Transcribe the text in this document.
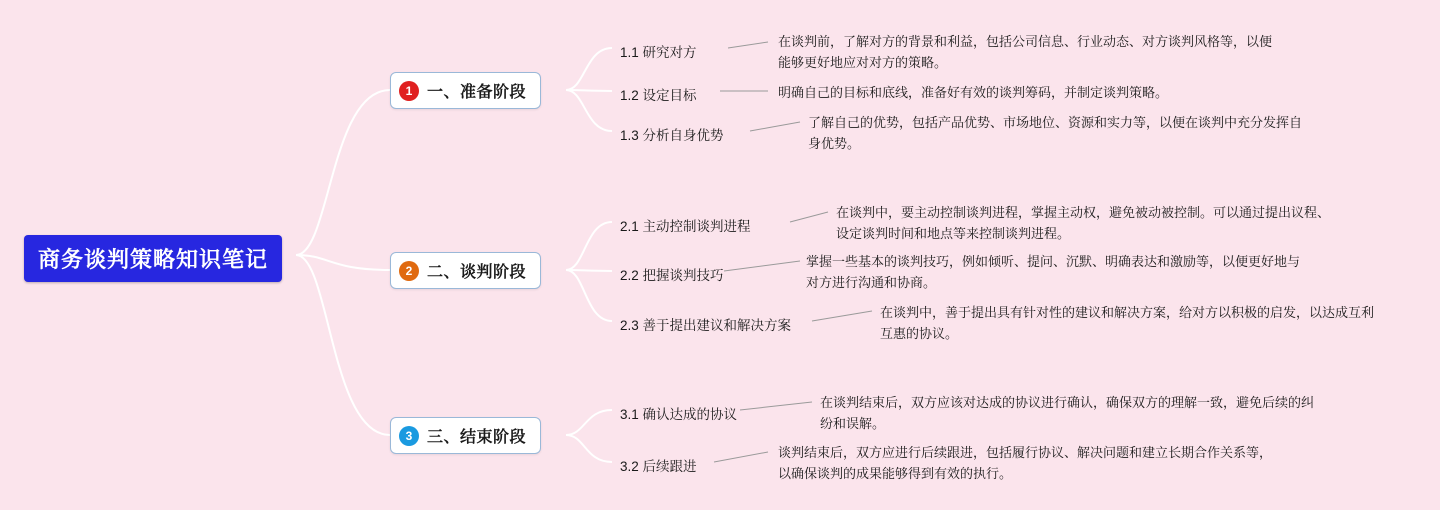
商务谈判策略知识笔记
1 一、准备阶段
1.1 研究对方
在谈判前，了解对方的背景和利益，包括公司信息、行业动态、对方谈判风格等，以便能够更好地应对对方的策略。
1.2 设定目标	明确自己的目标和底线，准备好有效的谈判筹码，并制定谈判策略。
1.3 分析自身优势
了解自己的优势，包括产品优势、市场地位、资源和实力等，以便在谈判中充分发挥自身优势。
2 二、谈判阶段
2.1 主动控制谈判进程
在谈判中，要主动控制谈判进程，掌握主动权，避免被动被控制。可以通过提出议程、设定谈判时间和地点等来控制谈判进程。
2.2 把握谈判技巧
掌握一些基本的谈判技巧，例如倾听、提问、沉默、明确表达和激励等，以便更好地与对方进行沟通和协商。
2.3 善于提出建议和解决方案
在谈判中，善于提出具有针对性的建议和解决方案，给对方以积极的启发，以达成互利互惠的协议。
3 三、结束阶段
3.1 确认达成的协议
在谈判结束后，双方应该对达成的协议进行确认，确保双方的理解一致，避免后续的纠纷和误解。
3.2 后续跟进
谈判结束后，双方应进行后续跟进，包括履行协议、解决问题和建立长期合作关系等，以确保谈判的成果能够得到有效的执行。
